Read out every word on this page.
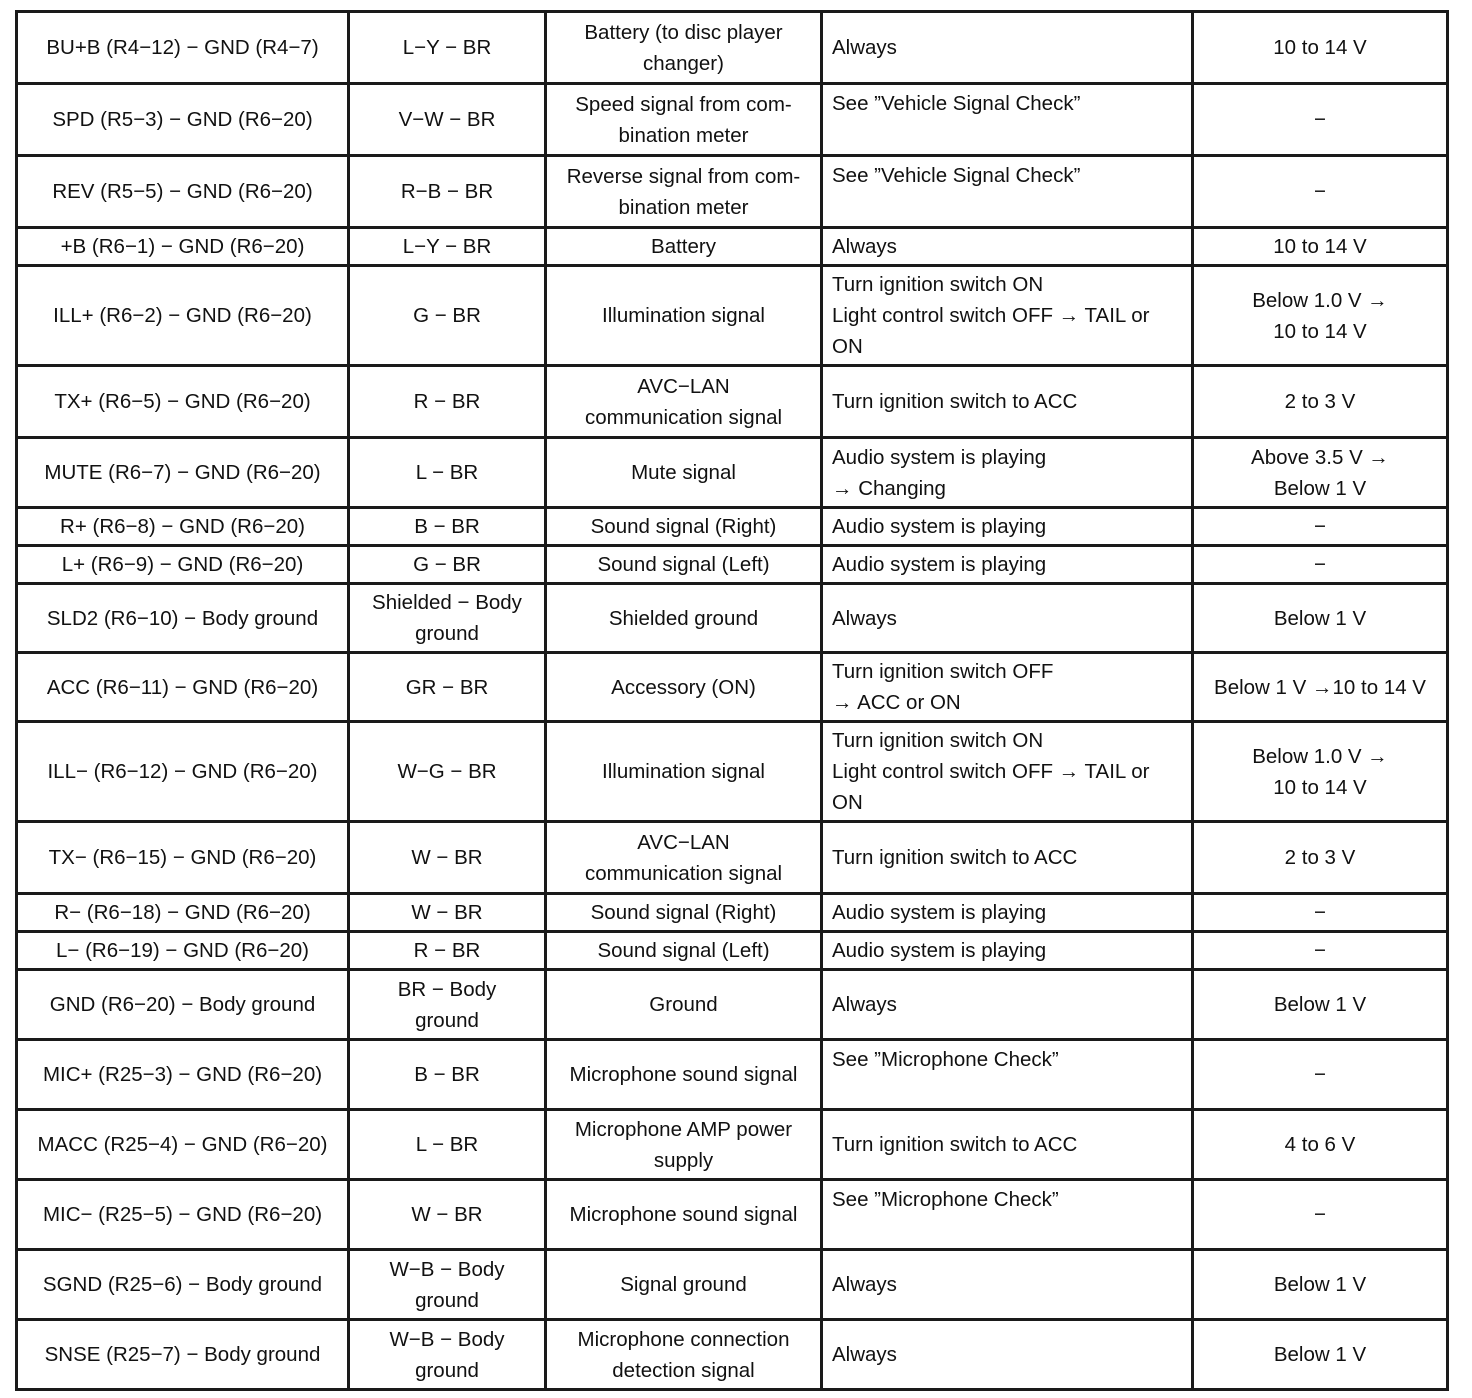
BU+B (R4−12) − GND (R4−7)	L−Y − BR	Battery (to disc player
changer)	Always	10 to 14 V
SPD (R5−3) − GND (R6−20)	V−W − BR	Speed signal from com-
bination meter	See ”Vehicle Signal Check”	−
REV (R5−5) − GND (R6−20)	R−B − BR	Reverse signal from com-
bination meter	See ”Vehicle Signal Check”	−
+B (R6−1) − GND (R6−20)	L−Y − BR	Battery	Always	10 to 14 V
ILL+ (R6−2) − GND (R6−20)	G − BR	Illumination signal	Turn ignition switch ON
Light control switch OFF → TAIL or
ON	Below 1.0 V →
10 to 14 V
TX+ (R6−5) − GND (R6−20)	R − BR	AVC−LAN
communication signal	Turn ignition switch to ACC	2 to 3 V
MUTE (R6−7) − GND (R6−20)	L − BR	Mute signal	Audio system is playing
→ Changing	Above 3.5 V →
Below 1 V
R+ (R6−8) − GND (R6−20)	B − BR	Sound signal (Right)	Audio system is playing	−
L+ (R6−9) − GND (R6−20)	G − BR	Sound signal (Left)	Audio system is playing	−
SLD2 (R6−10) − Body ground	Shielded − Body
ground	Shielded ground	Always	Below 1 V
ACC (R6−11) − GND (R6−20)	GR − BR	Accessory (ON)	Turn ignition switch OFF
→ ACC or ON	Below 1 V →10 to 14 V
ILL− (R6−12) − GND (R6−20)	W−G − BR	Illumination signal	Turn ignition switch ON
Light control switch OFF → TAIL or
ON	Below 1.0 V →
10 to 14 V
TX− (R6−15) − GND (R6−20)	W − BR	AVC−LAN
communication signal	Turn ignition switch to ACC	2 to 3 V
R− (R6−18) − GND (R6−20)	W − BR	Sound signal (Right)	Audio system is playing	−
L− (R6−19) − GND (R6−20)	R − BR	Sound signal (Left)	Audio system is playing	−
GND (R6−20) − Body ground	BR − Body
ground	Ground	Always	Below 1 V
MIC+ (R25−3) − GND (R6−20)	B − BR	Microphone sound signal	See ”Microphone Check”	−
MACC (R25−4) − GND (R6−20)	L − BR	Microphone AMP power
supply	Turn ignition switch to ACC	4 to 6 V
MIC− (R25−5) − GND (R6−20)	W − BR	Microphone sound signal	See ”Microphone Check”	−
SGND (R25−6) − Body ground	W−B − Body
ground	Signal ground	Always	Below 1 V
SNSE (R25−7) − Body ground	W−B − Body
ground	Microphone connection
detection signal	Always	Below 1 V
